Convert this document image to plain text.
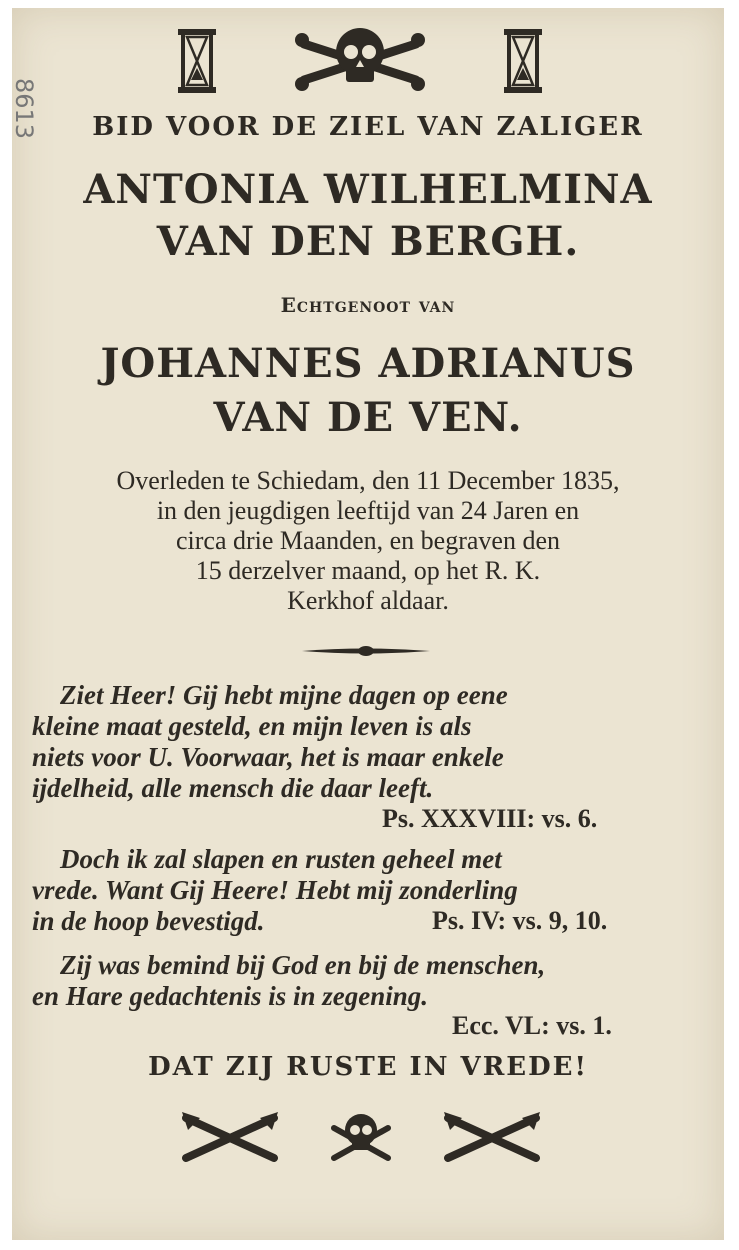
8613	BID VOOR DE ZIEL VAN ZALIGER
ANTONIA WILHELMINA
VAN DEN BERGH.
Echtgenoot van
JOHANNES ADRIANUS
VAN DE VEN.
Overleden te Schiedam, den 11 December 1835,
in den jeugdigen leeftijd van 24 Jaren en
circa drie Maanden, en begraven den
15 derzelver maand, op het R. K.
Kerkhof aldaar.
Ziet Heer! Gij hebt mijne dagen op eene
kleine maat gesteld, en mijn leven is als
niets voor U. Voorwaar, het is maar enkele
ijdelheid, alle mensch die daar leeft.
Ps. XXXVIII: vs. 6.
Doch ik zal slapen en rusten geheel met
vrede. Want Gij Heere! Hebt mij zonderling
in de hoop bevestigd.	Ps. IV: vs. 9, 10.
Zij was bemind bij God en bij de menschen,
en Hare gedachtenis is in zegening.
Ecc. VL: vs. 1.
DAT ZIJ RUSTE IN VREDE!
